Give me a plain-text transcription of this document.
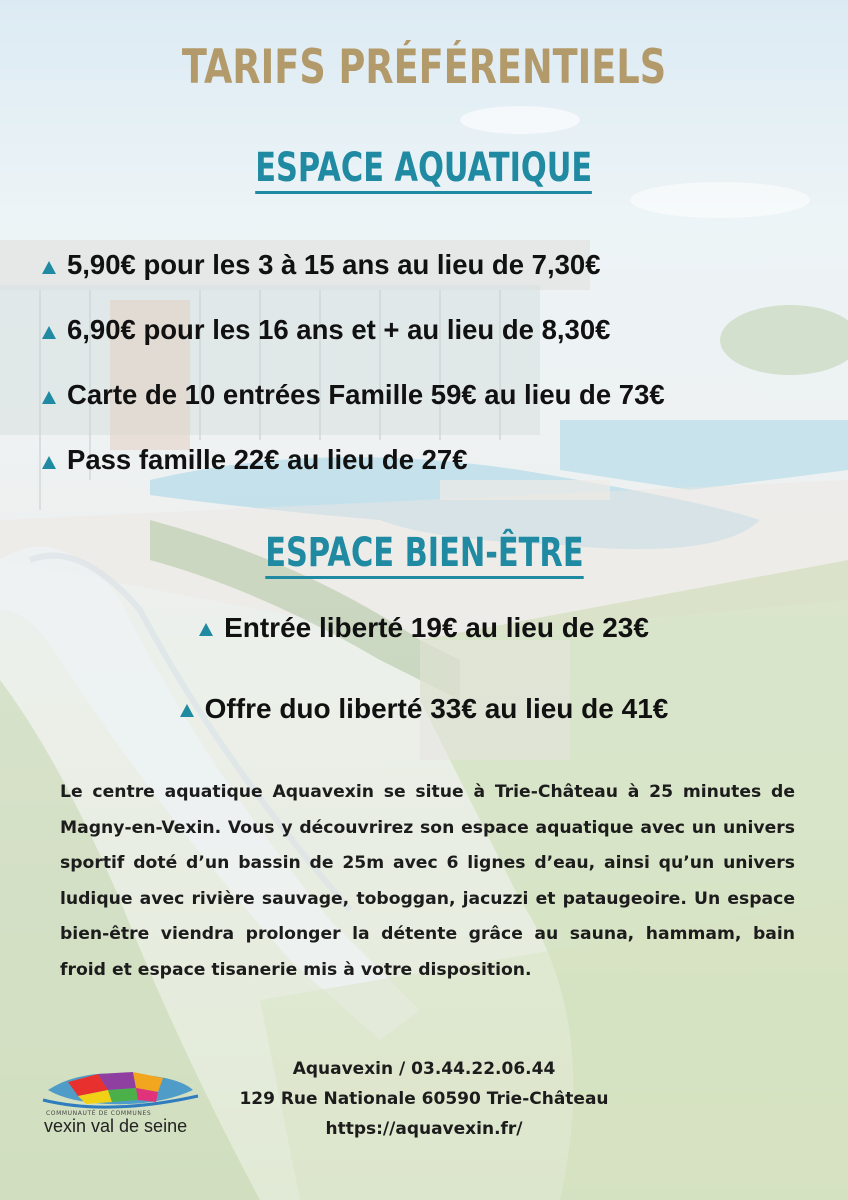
TARIFS PRÉFÉRENTIELS
ESPACE AQUATIQUE
5,90€ pour les 3 à 15 ans au lieu de 7,30€
6,90€ pour les 16 ans et + au lieu de 8,30€
Carte de 10 entrées Famille 59€ au lieu de 73€
Pass famille 22€ au lieu de 27€
ESPACE BIEN-ÊTRE
Entrée liberté 19€ au lieu de 23€
Offre duo liberté 33€ au lieu de 41€

Le centre aquatique Aquavexin se situe à Trie-Château à 25 minutes de Magny-en-Vexin. Vous y découvrirez son espace aquatique avec un univers sportif doté d’un bassin de 25m avec 6 lignes d’eau, ainsi qu’un univers ludique avec rivière sauvage, toboggan, jacuzzi et pataugeoire. Un espace bien-être viendra prolonger la détente grâce au sauna, hammam, bain froid et espace tisanerie mis à votre disposition.

COMMUNAUTÉ DE COMMUNES
vexin val de seine
Aquavexin / 03.44.22.06.44
129 Rue Nationale 60590 Trie-Château
https://aquavexin.fr/
